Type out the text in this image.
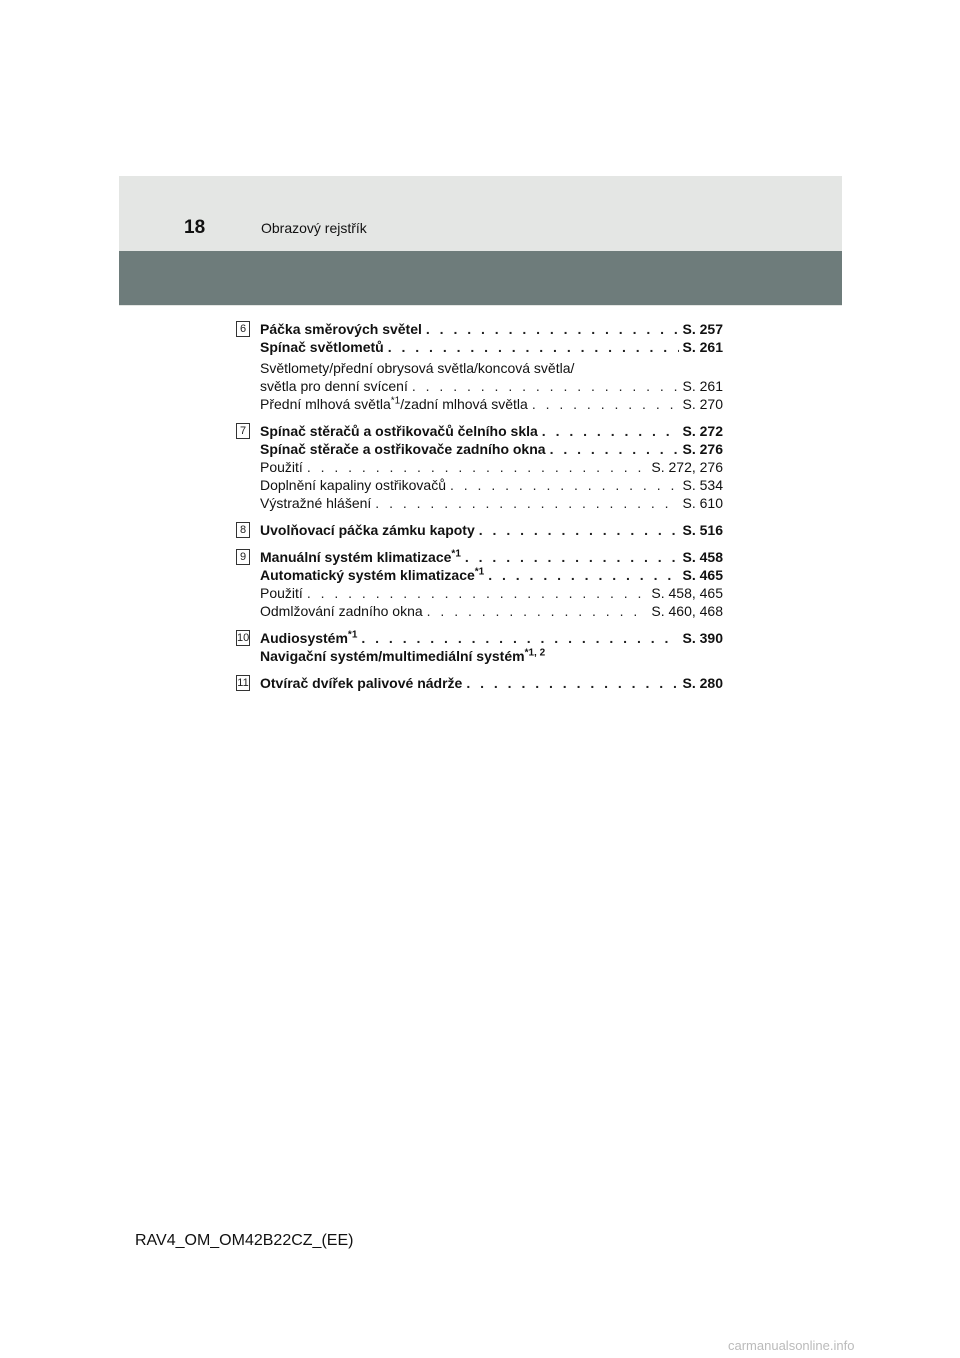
18	Obrazový rejstřík
6 Páčka směrových světel . . .	S. 257
Spínač světlometů . . .	S. 261
Světlomety/přední obrysová světla/koncová světla/
světla pro denní svícení . . .	S. 261
Přední mlhová světla$^{*1}$/zadní mlhová světla . . .	S. 270
7 Spínač stěračů a ostřikovačů čelního skla . . .	S. 272
Spínač stěrače a ostřikovače zadního okna . . .	S. 276
Použití . . .	S. 272, 276
Doplnění kapaliny ostřikovačů . . .	S. 534
Výstražné hlášení . . .	S. 610
8 Uvolňovací páčka zámku kapoty . . .	S. 516
9 Manuální systém klimatizace$^{*1}$ . . .	S. 458
Automatický systém klimatizace$^{*1}$ . . .	S. 465
Použití . . .	S. 458, 465
Odmlžování zadního okna . . .	S. 460, 468
10 Audiosystém$^{*1}$ . . .	S. 390
Navigační systém/multimediální systém$^{*1, 2}$
11 Otvírač dvířek palivové nádrže . . .	S. 280
RAV4_OM_OM42B22CZ_(EE)
carmanualsonline.info
